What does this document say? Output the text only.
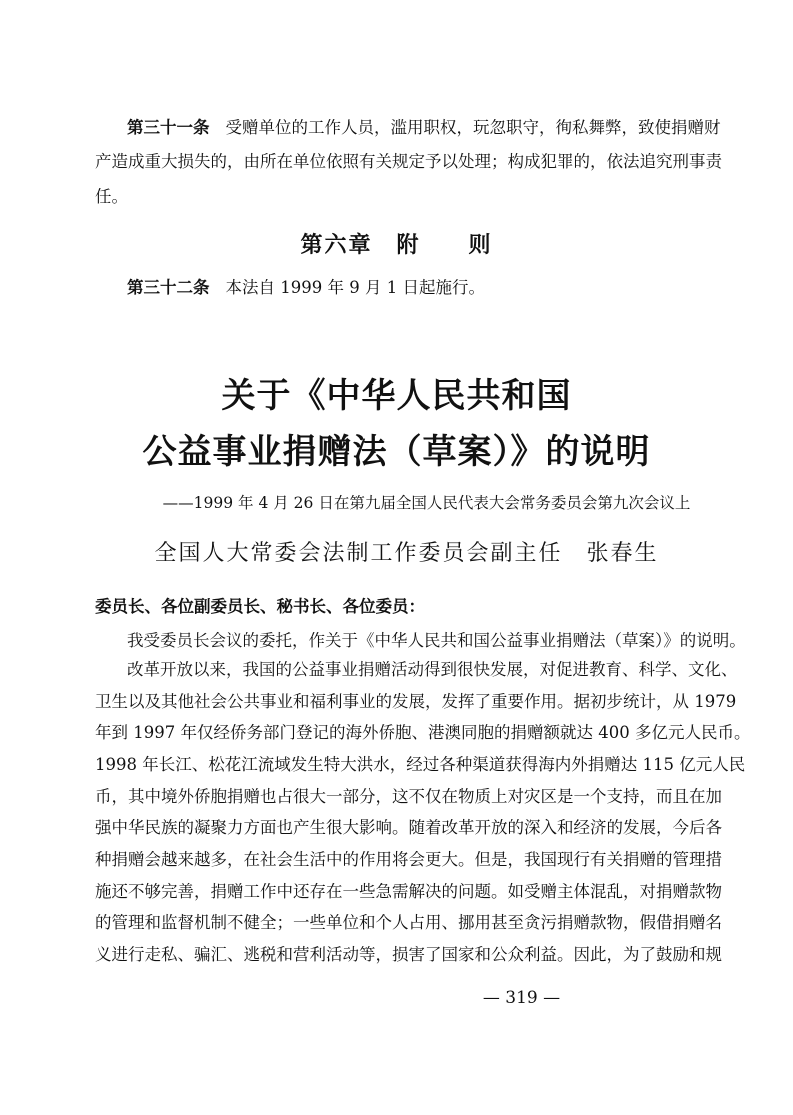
第三十一条 受赠单位的工作人员，滥用职权，玩忽职守，徇私舞弊，致使捐赠财
产造成重大损失的，由所在单位依照有关规定予以处理；构成犯罪的，依法追究刑事责
任。
第六章　附　　则
第三十二条 本法自 1999 年 9 月 1 日起施行。
关于《中华人民共和国
公益事业捐赠法（草案）》的说明
——1999 年 4 月 26 日在第九届全国人民代表大会常务委员会第九次会议上
全国人大常委会法制工作委员会副主任　张春生
委员长、各位副委员长、秘书长、各位委员：
我受委员长会议的委托，作关于《中华人民共和国公益事业捐赠法（草案）》的说明。
改革开放以来，我国的公益事业捐赠活动得到很快发展，对促进教育、科学、文化、
卫生以及其他社会公共事业和福利事业的发展，发挥了重要作用。据初步统计，从 1979
年到 1997 年仅经侨务部门登记的海外侨胞、港澳同胞的捐赠额就达 400 多亿元人民币。
1998 年长江、松花江流域发生特大洪水，经过各种渠道获得海内外捐赠达 115 亿元人民
币，其中境外侨胞捐赠也占很大一部分，这不仅在物质上对灾区是一个支持，而且在加
强中华民族的凝聚力方面也产生很大影响。随着改革开放的深入和经济的发展，今后各
种捐赠会越来越多，在社会生活中的作用将会更大。但是，我国现行有关捐赠的管理措
施还不够完善，捐赠工作中还存在一些急需解决的问题。如受赠主体混乱，对捐赠款物
的管理和监督机制不健全；一些单位和个人占用、挪用甚至贪污捐赠款物，假借捐赠名
义进行走私、骗汇、逃税和营利活动等，损害了国家和公众利益。因此，为了鼓励和规
— 319 —
